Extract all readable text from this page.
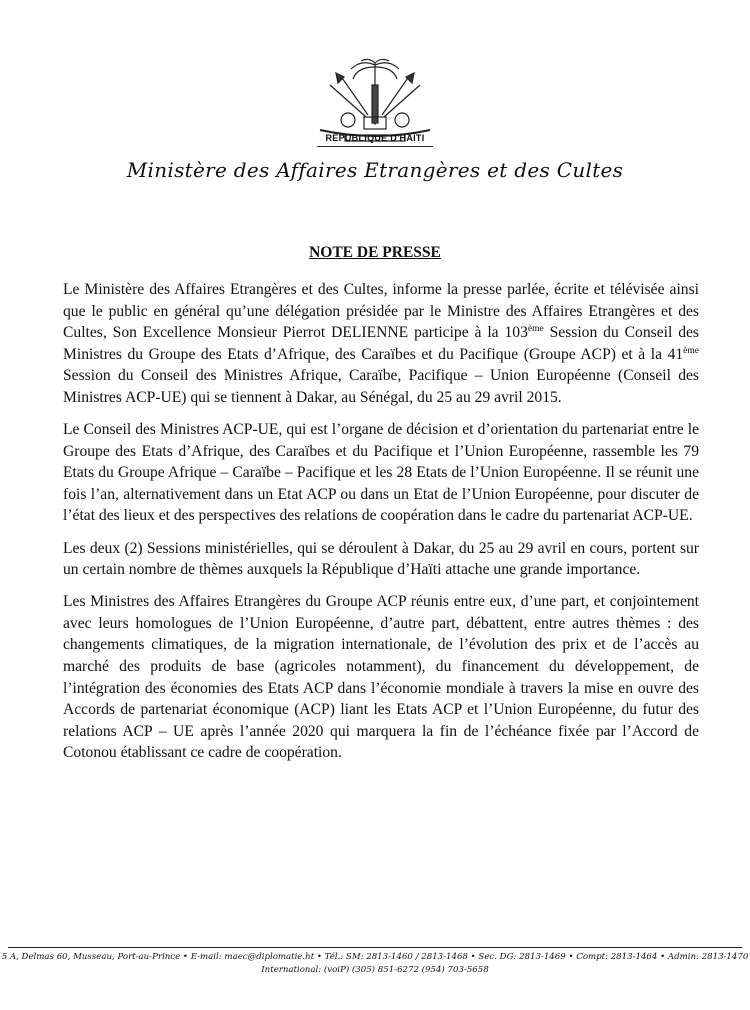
RÉPUBLIQUE D'HAÏTI
Ministère des Affaires Etrangères et des Cultes
NOTE DE PRESSE

Le Ministère des Affaires Etrangères et des Cultes, informe la presse parlée, écrite et télévisée ainsi que le public en général qu’une délégation présidée par le Ministre des Affaires Etrangères et des Cultes, Son Excellence Monsieur Pierrot DELIENNE participe à la 103ème Session du Conseil des Ministres du Groupe des Etats d’Afrique, des Caraïbes et du Pacifique (Groupe ACP) et à la 41ème Session du Conseil des Ministres Afrique, Caraïbe, Pacifique – Union Européenne (Conseil des Ministres ACP-UE) qui se tiennent à Dakar, au Sénégal, du 25 au 29 avril 2015.

Le Conseil des Ministres ACP-UE, qui est l’organe de décision et d’orientation du partenariat entre le Groupe des Etats d’Afrique, des Caraïbes et du Pacifique et l’Union Européenne, rassemble les 79 Etats du Groupe Afrique – Caraïbe – Pacifique et les 28 Etats de l’Union Européenne. Il se réunit une fois l’an, alternativement dans un Etat ACP ou dans un Etat de l’Union Européenne, pour discuter de l’état des lieux et des perspectives des relations de coopération dans le cadre du partenariat ACP-UE.

Les deux (2) Sessions ministérielles, qui se déroulent à Dakar, du 25 au 29 avril en cours, portent sur un certain nombre de thèmes auxquels la République d’Haïti attache une grande importance.

Les Ministres des Affaires Etrangères du Groupe ACP réunis entre eux, d’une part, et conjointement avec leurs homologues de l’Union Européenne, d’autre part, débattent, entre autres thèmes : des changements climatiques, de la migration internationale, de l’évolution des prix et de l’accès au marché des produits de base (agricoles notamment), du financement du développement, de l’intégration des économies des Etats ACP dans l’économie mondiale à travers la mise en ouvre des Accords de partenariat économique (ACP) liant les Etats ACP et l’Union Européenne, du futur des relations ACP – UE après l’année 2020 qui marquera la fin de l’échéance fixée par l’Accord de Cotonou établissant ce cadre de coopération.

5 A, Delmas 60, Musseau, Port-au-Prince • E-mail: maec@diplomatie.ht • Tél.: SM: 2813-1460 / 2813-1468 • Sec. DG: 2813-1469 • Compt: 2813-1464 • Admin: 2813-1470
International: (voiP) (305) 851-6272 (954) 703-5658
